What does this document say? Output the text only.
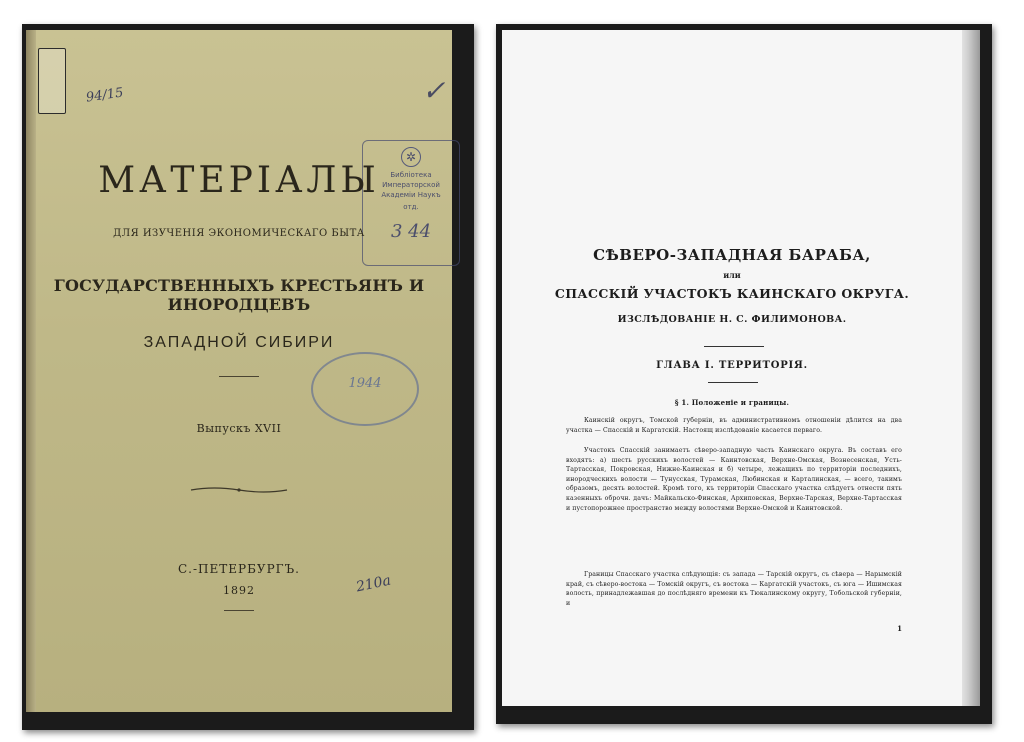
94/15	✓
✲
Библіотека
Императорской
Академіи Наукъ
отд.
3 44
МАТЕРІАЛЫ
ДЛЯ ИЗУЧЕНІЯ ЭКОНОМИЧЕСКАГО БЫТА
ГОСУДАРСТВЕННЫХЪ КРЕСТЬЯНЪ И ИНОРОДЦЕВЪ
ЗАПАДНОЙ СИБИРИ
1944
Выпускъ XVII
С.-ПЕТЕРБУРГЪ.
1892	210а
СѢВЕРО-ЗАПАДНАЯ БАРАБА,
или
СПАССКІЙ УЧАСТОКЪ КАИНСКАГО ОКРУГА.
ИЗСЛѢДОВАНІЕ Н. С. ФИЛИМОНОВА.
ГЛАВА I. ТЕРРИТОРІЯ.
§ 1. Положеніе и границы.
Каинскій округъ, Томской губерніи, въ административномъ отношеніи дѣлится на два участка — Спасскій и Каргатскій. Настоящ изслѣдованіе касается перваго.
Участокъ Спасскій занимаетъ сѣверо-западную часть Каинскаго округа. Въ составъ его входятъ: а) шесть русскихъ волостей — Каинтовская, Верхне-Омская, Вознесенская, Усть-Тартасская, Покровская, Нижне-Каинская и б) четыре, лежащихъ по территоріи последнихъ, инородческихъ волости — Тунусская, Турамская, Любинская и Карталинская, — всего, такимъ образомъ, десять волостей. Кромѣ того, къ территоріи Спасскаго участка слѣдуетъ отнести пять казенныхъ оброчн. дачъ: Майкальско-Финская, Архиповская, Верхне-Тарская, Верхне-Тартасская и пустопорожнее пространство между волостями Верхне-Омской и Каинтовской.
Границы Спасскаго участка слѣдующія: съ запада — Тарскій округъ, съ сѣвера — Нарымскій край, съ сѣверо-востока — Томскій округъ, съ востока — Каргатскій участокъ, съ юга — Ишимская волость, принадлежавшая до послѣдняго времени къ Тюкалинскому округу, Тобольской губерніи, и
1
